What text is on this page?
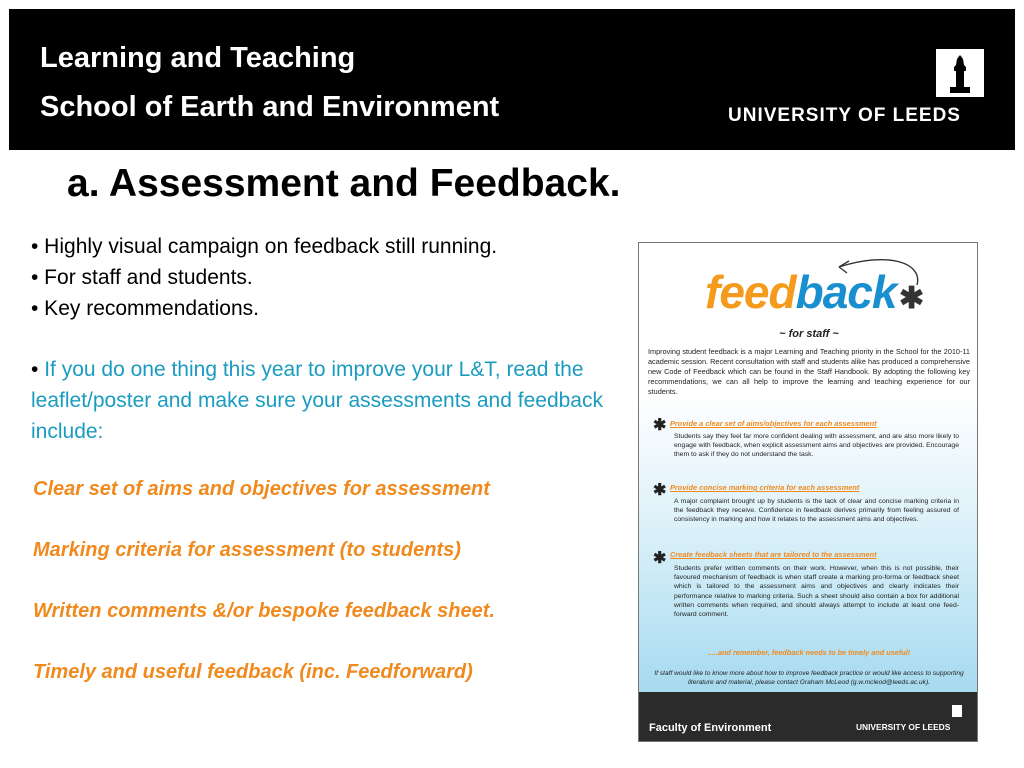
Learning and Teaching
School of Earth and Environment	UNIVERSITY OF LEEDS
a. Assessment and Feedback.
• Highly visual campaign on feedback still running.
• For staff and students.
• Key recommendations.
• If you do one thing this year to improve your L&T, read the leaflet/poster and make sure your assessments and feedback include:
Clear set of aims and objectives for assessment
Marking criteria for assessment (to students)
Written comments &/or bespoke feedback sheet.
Timely and useful feedback (inc. Feedforward)
feedback ✱
~ for staff ~
Improving student feedback is a major Learning and Teaching priority in the School for the 2010-11 academic session. Recent consultation with staff and students alike has produced a comprehensive new Code of Feedback which can be found in the Staff Handbook. By adopting the following key recommendations, we can all help to improve the learning and teaching experience for our students.
✱ Provide a clear set of aims/objectives for each assessment
Students say they feel far more confident dealing with assessment, and are also more likely to engage with feedback, when explicit assessment aims and objectives are provided. Encourage them to ask if they do not understand the task.
✱ Provide concise marking criteria for each assessment
A major complaint brought up by students is the lack of clear and concise marking criteria in the feedback they receive. Confidence in feedback derives primarily from feeling assured of consistency in marking and how it relates to the assessment aims and objectives.
✱ Create feedback sheets that are tailored to the assessment
Students prefer written comments on their work. However, when this is not possible, their favoured mechanism of feedback is when staff create a marking pro-forma or feedback sheet which is tailored to the assessment aims and objectives and clearly indicates their performance relative to marking criteria. Such a sheet should also contain a box for additional written comments when required, and should always attempt to include at least one feed-forward comment.
.....and remember, feedback needs to be timely and useful!
If staff would like to know more about how to improve feedback practice or would like access to supporting literature and material, please contact Graham McLeod (g.w.mcleod@leeds.ac.uk).
Faculty of Environment	UNIVERSITY OF LEEDS
